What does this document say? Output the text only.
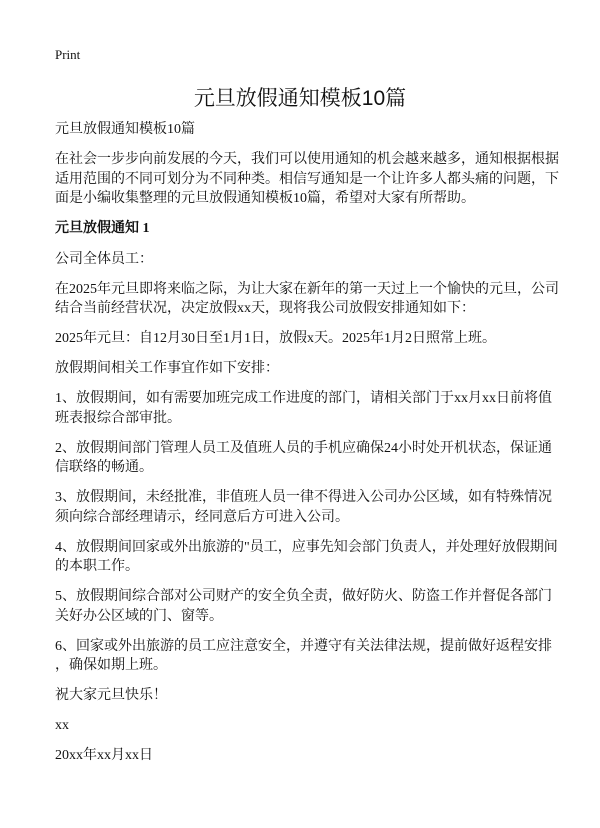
Print
元旦放假通知模板10篇
元旦放假通知模板10篇
在社会一步步向前发展的今天，我们可以使用通知的机会越来越多，通知根据根据
适用范围的不同可划分为不同种类。相信写通知是一个让许多人都头痛的问题，下
面是小编收集整理的元旦放假通知模板10篇，希望对大家有所帮助。
元旦放假通知 1
公司全体员工：
在2025年元旦即将来临之际，为让大家在新年的第一天过上一个愉快的元旦，公司
结合当前经营状况，决定放假xx天，现将我公司放假安排通知如下：
2025年元旦：自12月30日至1月1日，放假x天。2025年1月2日照常上班。
放假期间相关工作事宜作如下安排：
1、放假期间，如有需要加班完成工作进度的部门，请相关部门于xx月xx日前将值
班表报综合部审批。
2、放假期间部门管理人员工及值班人员的手机应确保24小时处开机状态，保证通
信联络的畅通。
3、放假期间，未经批准，非值班人员一律不得进入公司办公区域，如有特殊情况
须向综合部经理请示，经同意后方可进入公司。
4、放假期间回家或外出旅游的"员工，应事先知会部门负责人，并处理好放假期间
的本职工作。
5、放假期间综合部对公司财产的安全负全责，做好防火、防盗工作并督促各部门
关好办公区域的门、窗等。
6、回家或外出旅游的员工应注意安全，并遵守有关法律法规，提前做好返程安排
，确保如期上班。
祝大家元旦快乐！
xx
20xx年xx月xx日
